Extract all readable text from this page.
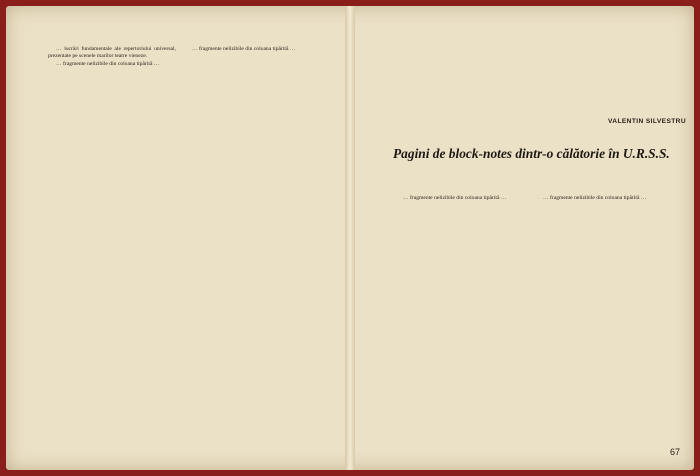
… lucrări fundamentale ale repertoriului universal, prezentate pe scenele marilor teatre vieneze.

… fragmente nelizibile din coloana tipărită …

… fragmente nelizibile din coloana tipărită …

VALENTIN SILVESTRU
Pagini de block-notes dintr-o călătorie în U.R.S.S.

… fragmente nelizibile din coloana tipărită …	… fragmente nelizibile din coloana tipărită …

67
